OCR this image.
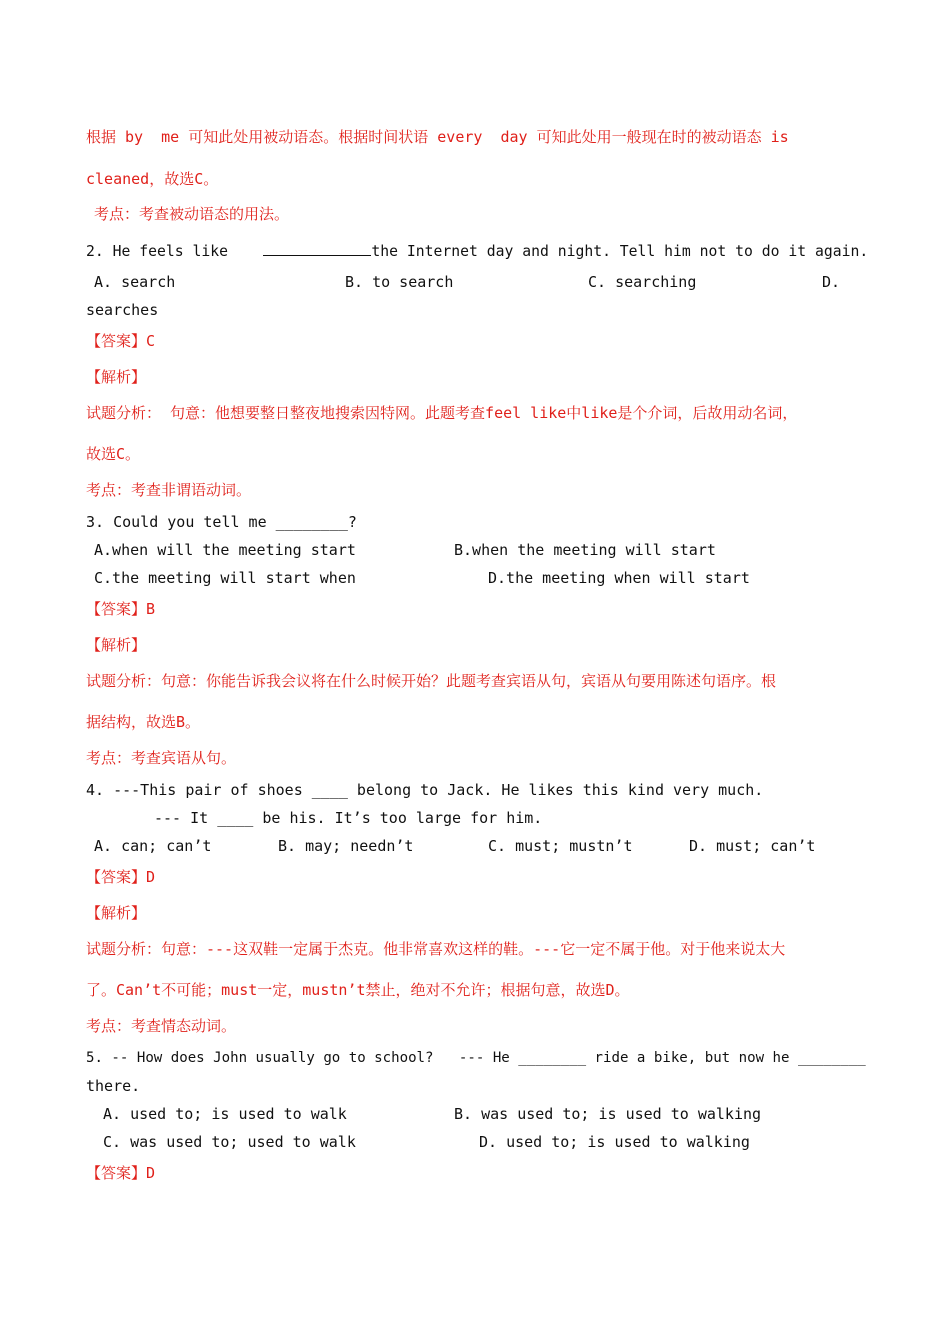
根据 by  me 可知此处用被动语态。根据时间状语 every  day 可知此处用一般现在时的被动语态 is
cleaned，故选C。
考点：考查被动语态的用法。
2. He feels like	the Internet day and night. Tell him not to do it again.
A. search	B. to search	C. searching	D.
searches
【答案】C
【解析】
试题分析： 句意：他想要整日整夜地搜索因特网。此题考查feel like中like是个介词，后故用动名词，
故选C。
考点：考查非谓语动词。
3. Could you tell me ________?
A.when will the meeting start	B.when the meeting will start
C.the meeting will start when	D.the meeting when will start
【答案】B
【解析】
试题分析：句意：你能告诉我会议将在什么时候开始？此题考查宾语从句，宾语从句要用陈述句语序。根
据结构，故选B。
考点：考查宾语从句。
4. ---This pair of shoes ____ belong to Jack. He likes this kind very much.
--- It ____ be his. It’s too large for him.
A. can; can’t	B. may; needn’t	C. must; mustn’t	D. must; can’t
【答案】D
【解析】
试题分析：句意：---这双鞋一定属于杰克。他非常喜欢这样的鞋。---它一定不属于他。对于他来说太大
了。Can’t不可能；must一定，mustn’t禁止，绝对不允许；根据句意，故选D。
考点：考查情态动词。
5. -- How does John usually go to school?   --- He ________ ride a bike, but now he ________
there.
A. used to; is used to walk	B. was used to; is used to walking
C. was used to; used to walk	D. used to; is used to walking
【答案】D
